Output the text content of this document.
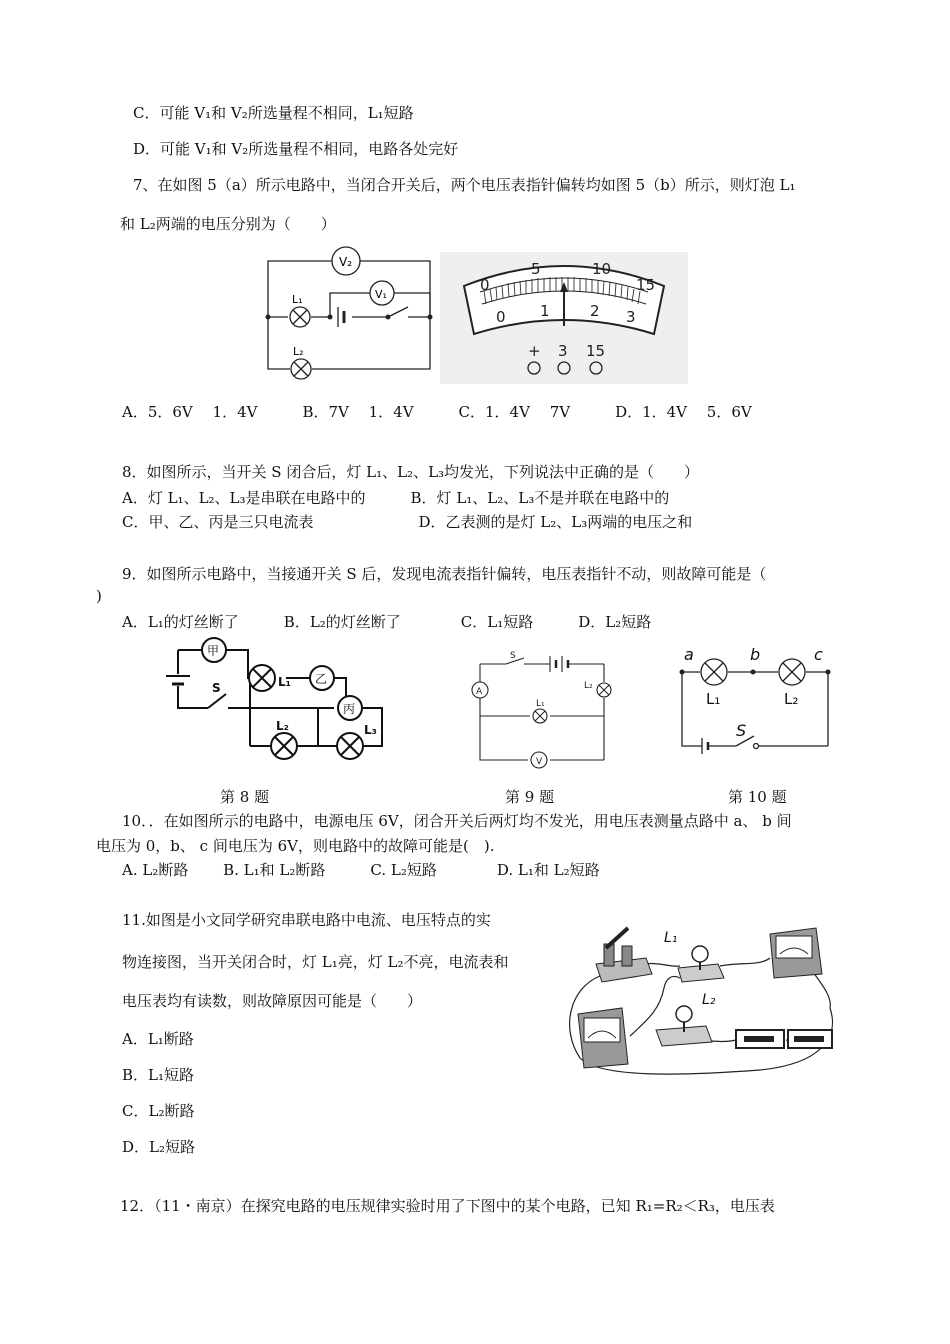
C．可能 V₁和 V₂所选量程不相同，L₁短路
D．可能 V₁和 V₂所选量程不相同，电路各处完好
7、在如图 5（a）所示电路中，当闭合开关后，两个电压表指针偏转均如图 5（b）所示，则灯泡 L₁
和 L₂两端的电压分别为（　　）
V₂
V₁
L₁
L₂
0
5	10
15
0 1	2 3
+ 3 15
A．5．6V　 1．4V　　　B．7V　 1．4V　　　C．1．4V　 7V　　　D．1．4V　 5．6V
8．如图所示，当开关 S 闭合后，灯 L₁、L₂、L₃均发光，下列说法中正确的是（　　）
A．灯 L₁、L₂、L₃是串联在电路中的　　　B．灯 L₁、L₂、L₃不是并联在电路中的
C．甲、乙、丙是三只电流表　　　　　　　D．乙表测的是灯 L₂、L₃两端的电压之和
9．如图所示电路中，当接通开关 S 后，发现电流表指针偏转，电压表指针不动，则故障可能是（
)
A．L₁的灯丝断了　　　B．L₂的灯丝断了　　　　C．L₁短路　　　D．L₂短路
甲
乙
丙
S	L₁
L₂	L₃
A
V
S
L₁
L₂
a	b	c
S
L₁	L₂
第 8 题	第 9 题	第 10 题
10．．在如图所示的电路中，电源电压 6V，闭合开关后两灯均不发光，用电压表测量点路中 a、 b 间
电压为 0，b、 c 间电压为 6V，则电路中的故障可能是(　).
A. L₂断路　　 B. L₁和 L₂断路　　　C. L₂短路　　　　D. L₁和 L₂短路
11.如图是小文同学研究串联电路中电流、电压特点的实
物连接图，当开关闭合时，灯 L₁亮，灯 L₂不亮，电流表和
电压表均有读数，则故障原因可能是（　　）
A．L₁断路
B．L₁短路
C．L₂断路
D．L₂短路
L₁
L₂
12．（11・南京）在探究电路的电压规律实验时用了下图中的某个电路，已知 R₁=R₂＜R₃，电压表
